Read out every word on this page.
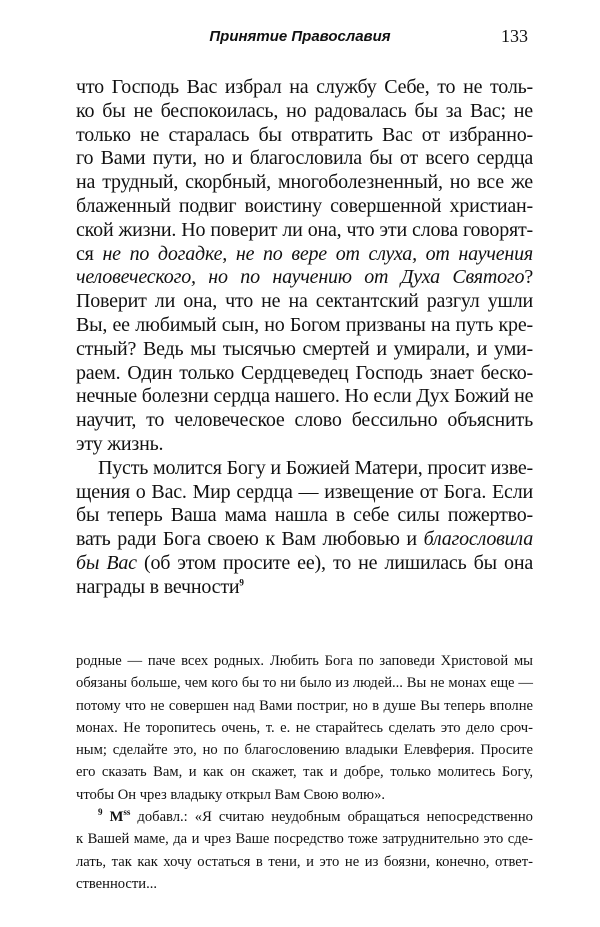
Принятие Православия	133
что Господь Вас избрал на службу Себе, то не толь-
ко бы не беспокоилась, но радовалась бы за Вас; не
только не старалась бы отвратить Вас от избранно-
го Вами пути, но и благословила бы от всего сердца
на трудный, скорбный, многоболезненный, но все же
блаженный подвиг воистину совершенной христиан-
ской жизни. Но поверит ли она, что эти слова говорят-
ся не по догадке, не по вере от слуха, от научения
человеческого, но по научению от Духа Святого?
Поверит ли она, что не на сектантский разгул ушли
Вы, ее любимый сын, но Богом призваны на путь кре-
стный? Ведь мы тысячью смертей и умирали, и уми-
раем. Один только Сердцеведец Господь знает беско-
нечные болезни сердца нашего. Но если Дух Божий не
научит, то человеческое слово бессильно объяснить
эту жизнь.
Пусть молится Богу и Божией Матери, просит изве-
щения о Вас. Мир сердца — извещение от Бога. Если
бы теперь Ваша мама нашла в себе силы пожертво-
вать ради Бога своею к Вам любовью и благословила
бы Вас (об этом просите ее), то не лишилась бы она
награды в вечности$^9$
родные — паче всех родных. Любить Бога по заповеди Христовой мы
обязаны больше, чем кого бы то ни было из людей... Вы не монах еще —
потому что не совершен над Вами постриг, но в душе Вы теперь вполне
монах. Не торопитесь очень, т. е. не старайтесь сделать это дело сроч-
ным; сделайте это, но по благословению владыки Елевферия. Просите
его сказать Вам, и как он скажет, так и добре, только молитесь Богу,
чтобы Он чрез владыку открыл Вам Свою волю».
$^9$ $М^{ss}$ добавл.: «Я считаю неудобным обращаться непосредственно
к Вашей маме, да и чрез Ваше посредство тоже затруднительно это сде-
лать, так как хочу остаться в тени, и это не из боязни, конечно, ответ-
ственности...
